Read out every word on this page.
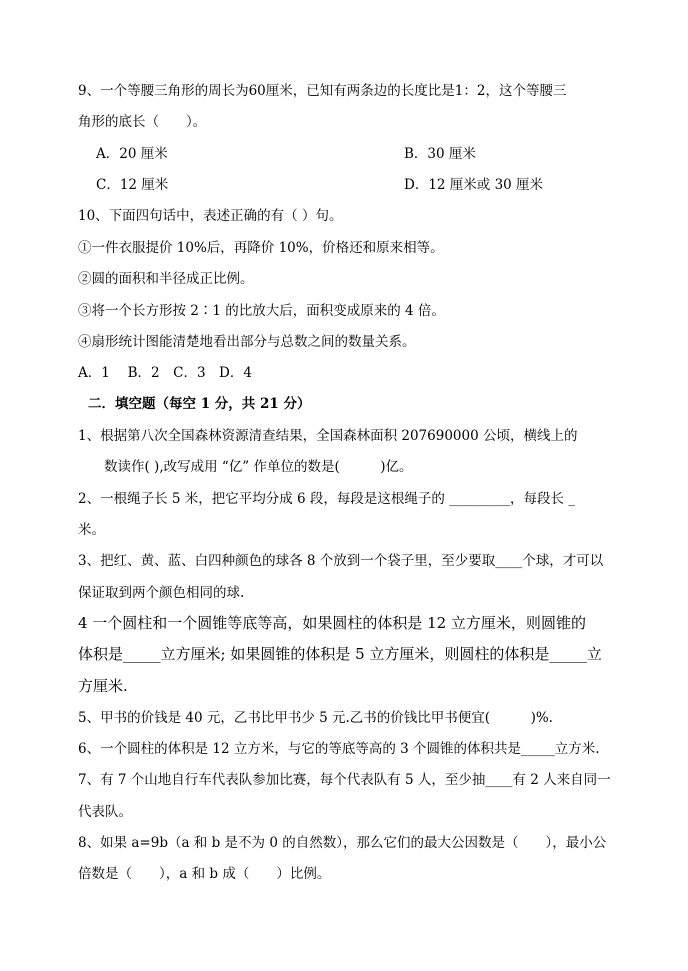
9、一个等腰三角形的周长为60厘米，已知有两条边的长度比是1：2，这个等腰三
角形的底长（　　）。
A．20 厘米	B．30 厘米
C．12 厘米	D．12 厘米或 30 厘米
10、下面四句话中，表述正确的有（ ）句。
①一件衣服提价 10%后，再降价 10%，价格还和原来相等。
②圆的面积和半径成正比例。
③将一个长方形按 2∶1 的比放大后，面积变成原来的 4 倍。
④扇形统计图能清楚地看出部分与总数之间的数量关系。
A．1　 B．2　C．3　D．4
二．填空题（每空 1 分，共 21 分）
1、根据第八次全国森林资源清查结果，全国森林面积 207690000 公顷，横线上的
数读作( ),改写成用 “亿” 作单位的数是(　　　)亿。
2、一根绳子长 5 米，把它平均分成 6 段，每段是这根绳子的 _________，每段长 _
米。
3、把红、黄、蓝、白四种颜色的球各 8 个放到一个袋子里，至少要取____个球，才可以
保证取到两个颜色相同的球.
4 一个圆柱和一个圆锥等底等高，如果圆柱的体积是 12 立方厘米，则圆锥的
体积是_____立方厘米; 如果圆锥的体积是 5 立方厘米，则圆柱的体积是_____立
方厘米.
5、甲书的价钱是 40 元，乙书比甲书少 5 元.乙书的价钱比甲书便宜(　　　)%.
6、一个圆柱的体积是 12 立方米，与它的等底等高的 3 个圆锥的体积共是_____立方米.
7、有 7 个山地自行车代表队参加比赛，每个代表队有 5 人，至少抽____有 2 人来自同一
代表队。
8、如果 a=9b（a 和 b 是不为 0 的自然数），那么它们的最大公因数是（　　），最小公
倍数是（　　），a 和 b 成（　　）比例。
